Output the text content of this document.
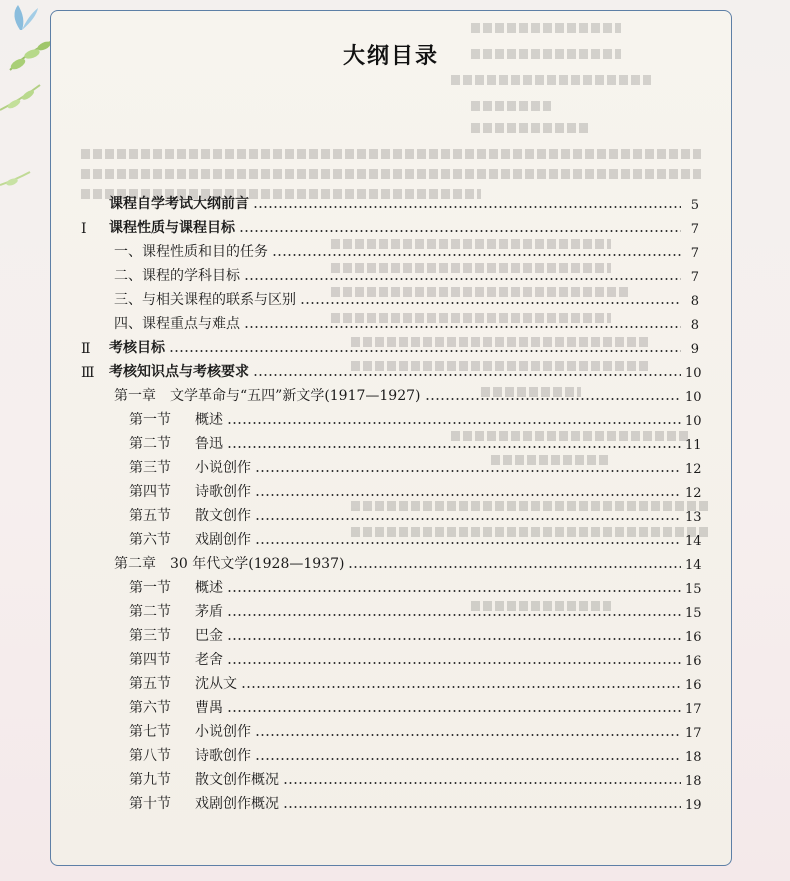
大纲目录
课程自学考试大纲前言	5
Ⅰ	课程性质与课程目标	7
一、课程性质和目的任务	7
二、课程的学科目标	7
三、与相关课程的联系与区别	8
四、课程重点与难点	8
Ⅱ	考核目标	9
Ⅲ	考核知识点与考核要求	10
第一章　文学革命与“五四”新文学(1917—1927)	10
第一节	概述	10
第二节	鲁迅	11
第三节	小说创作	12
第四节	诗歌创作	12
第五节	散文创作	13
第六节	戏剧创作	14
第二章　30 年代文学(1928—1937)	14
第一节	概述	15
第二节	茅盾	15
第三节	巴金	16
第四节	老舍	16
第五节	沈从文	16
第六节	曹禺	17
第七节	小说创作	17
第八节	诗歌创作	18
第九节	散文创作概况	18
第十节	戏剧创作概况	19
